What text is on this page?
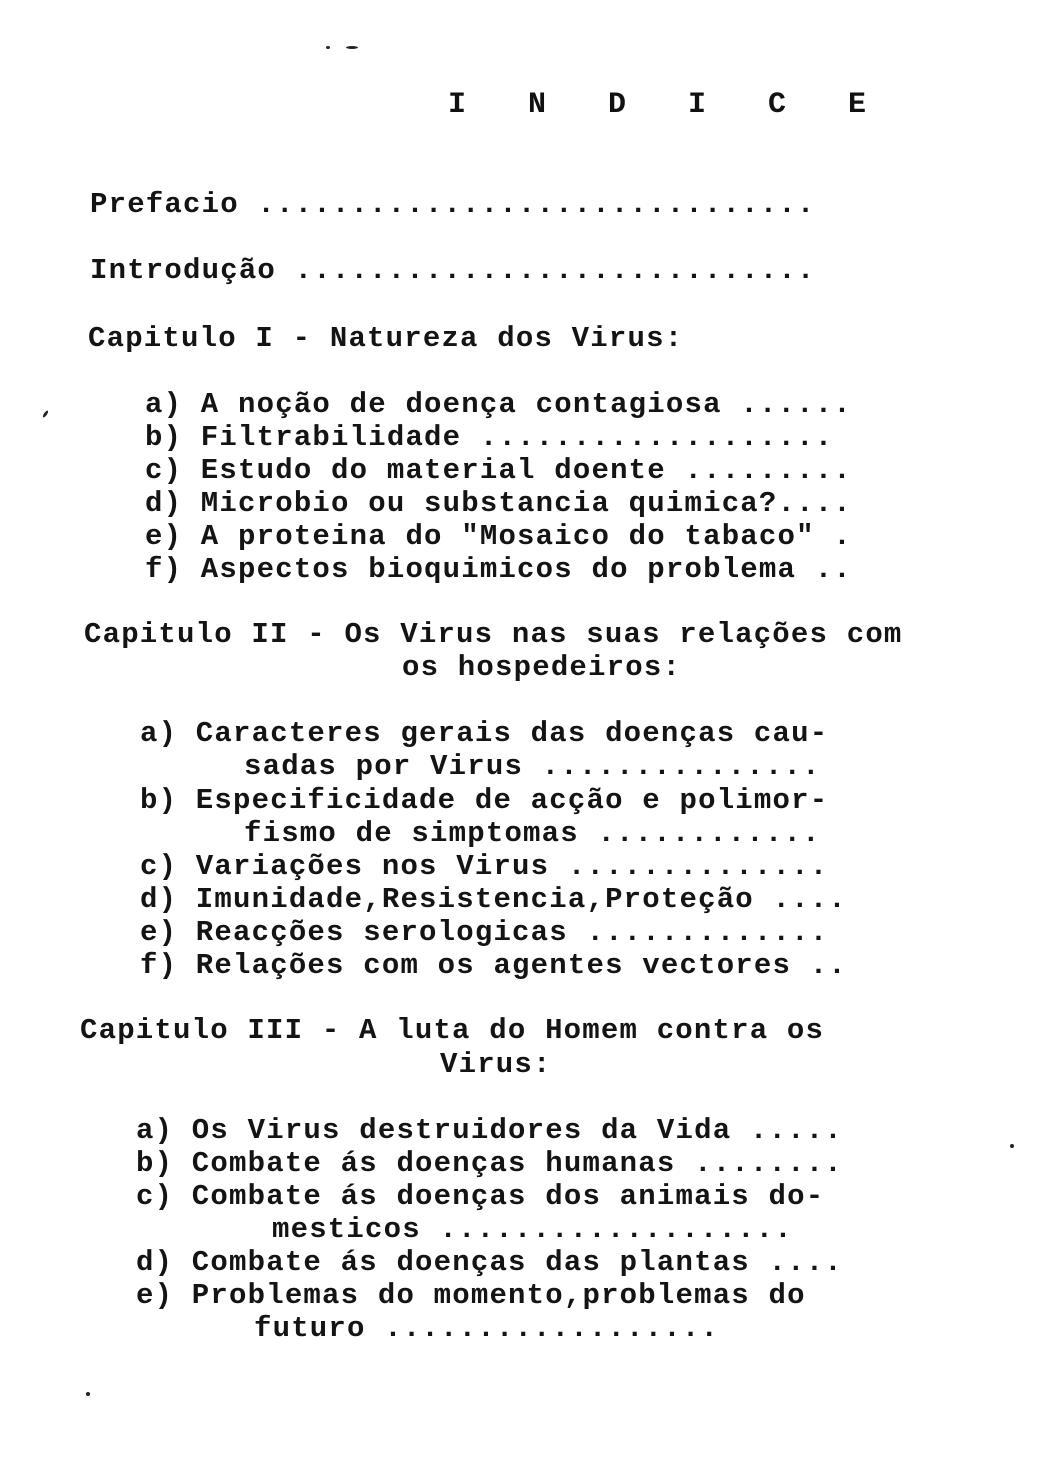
I N D I C E
Prefacio ..............................
Introdução ............................
Capitulo I - Natureza dos Virus:
a) A noção de doença contagiosa ......
b) Filtrabilidade ...................
c) Estudo do material doente .........
d) Microbio ou substancia quimica?....
e) A proteina do "Mosaico do tabaco" .
f) Aspectos bioquimicos do problema ..
Capitulo II - Os Virus nas suas relações com
os hospedeiros:
a) Caracteres gerais das doenças cau-
sadas por Virus ...............
b) Especificidade de acção e polimor-
fismo de simptomas ............
c) Variações nos Virus ..............
d) Imunidade,Resistencia,Proteção ....
e) Reacções serologicas .............
f) Relações com os agentes vectores ..
Capitulo III - A luta do Homem contra os
Virus:
a) Os Virus destruidores da Vida .....
b) Combate ás doenças humanas ........
c) Combate ás doenças dos animais do-
mesticos ...................
d) Combate ás doenças das plantas ....
e) Problemas do momento,problemas do
futuro ..................
